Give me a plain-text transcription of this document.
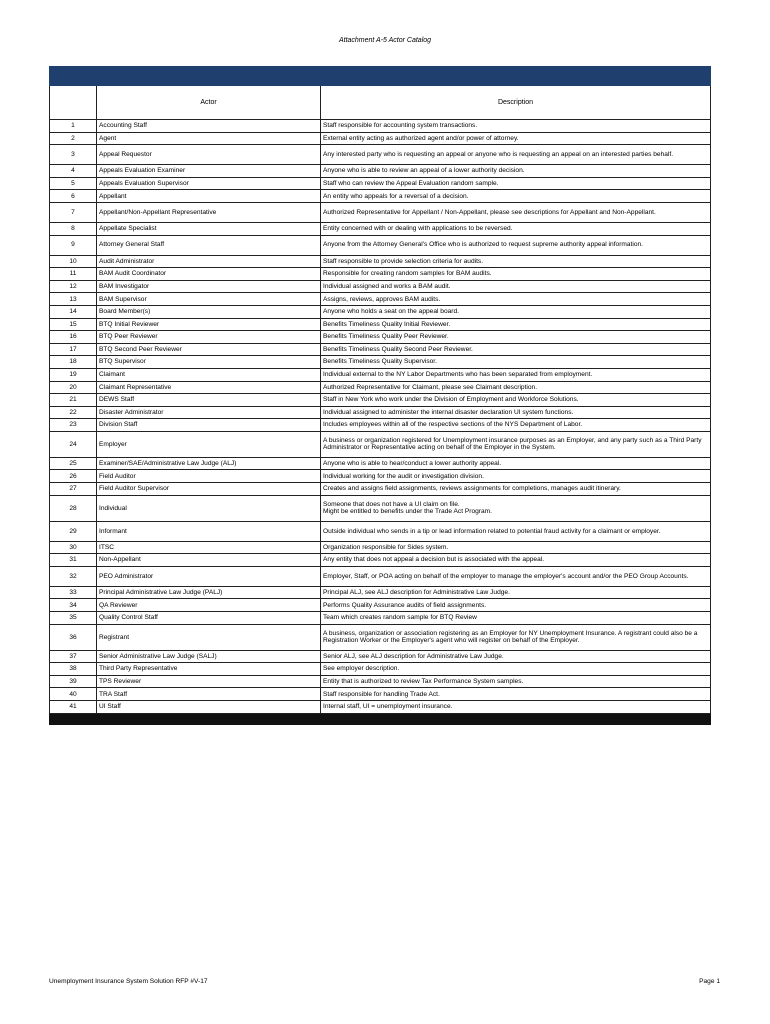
Attachment A-5 Actor Catalog

	Actor	Description
1	Accounting Staff	Staff responsible for accounting system transactions.
2	Agent	External entity acting as authorized agent and/or power of attorney.
3	Appeal Requestor	Any interested party who is requesting an appeal or anyone who is requesting an appeal on an interested parties behalf.
4	Appeals Evaluation Examiner	Anyone who is able to review an appeal of a lower authority decision.
5	Appeals Evaluation Supervisor	Staff who can review the Appeal Evaluation random sample.
6	Appellant	An entity who appeals for a reversal of a decision.
7	Appellant/Non-Appellant Representative	Authorized Representative for Appellant / Non-Appellant, please see descriptions for Appellant and Non-Appellant.
8	Appellate Specialist	Entity concerned with or dealing with applications to be reversed.
9	Attorney General Staff	Anyone from the Attorney General's Office who is authorized to request supreme authority appeal information.
10	Audit Administrator	Staff responsible to provide selection criteria for audits.
11	BAM Audit Coordinator	Responsible for creating random samples for BAM audits.
12	BAM Investigator	Individual assigned and works a BAM audit.
13	BAM Supervisor	Assigns, reviews, approves BAM audits.
14	Board Member(s)	Anyone who holds a seat on the appeal board.
15	BTQ Initial Reviewer	Benefits Timeliness Quality Initial Reviewer.
16	BTQ Peer Reviewer	Benefits Timeliness Quality Peer Reviewer.
17	BTQ Second Peer Reviewer	Benefits Timeliness Quality Second Peer Reviewer.
18	BTQ Supervisor	Benefits Timeliness Quality Supervisor.
19	Claimant	Individual external to the NY Labor Departments who has been separated from employment.
20	Claimant Representative	Authorized Representative for Claimant, please see Claimant description.
21	DEWS Staff	Staff in New York who work under the Division of Employment and Workforce Solutions.
22	Disaster Administrator	Individual assigned to administer the internal disaster declaration UI system functions.
23	Division Staff	Includes employees within all of the respective sections of the NYS Department of Labor.
24	Employer	A business or organization registered for Unemployment insurance purposes as an Employer, and any party such as a Third Party Administrator or Representative acting on behalf of the Employer in the System.
25	Examiner/SAE/Administrative Law Judge (ALJ)	Anyone who is able to hear/conduct a lower authority appeal.
26	Field Auditor	Individual working for the audit or investigation division.
27	Field Auditor Supervisor	Creates and assigns field assignments, reviews assignments for completions, manages audit itinerary.
28	Individual	Someone that does not have a UI claim on file.
Might be entitled to benefits under the Trade Act Program.
29	Informant	Outside individual who sends in a tip or lead information related to potential fraud activity for a claimant or employer.
30	ITSC	Organization responsible for Sides system.
31	Non-Appellant	Any entity that does not appeal a decision but is associated with the appeal.
32	PEO Administrator	Employer, Staff, or POA acting on behalf of the employer to manage the employer's account and/or the PEO Group Accounts.
33	Principal Administrative Law Judge (PALJ)	Principal ALJ, see ALJ description for Administrative Law Judge.
34	QA Reviewer	Performs Quality Assurance audits of field assignments.
35	Quality Control Staff	Team which creates random sample for BTQ Review
36	Registrant	A business, organization or association registering as an Employer for NY Unemployment Insurance. A registrant could also be a Registration Worker or the Employer's agent who will register on behalf of the Employer.
37	Senior Administrative Law Judge (SALJ)	Senior ALJ, see ALJ description for Administrative Law Judge.
38	Third Party Representative	See employer description.
39	TPS Reviewer	Entity that is authorized to review Tax Performance System samples.
40	TRA Staff	Staff responsible for handling Trade Act.
41	UI Staff	Internal staff, UI = unemployment insurance.

Unemployment Insurance System Solution RFP #V-17	Page 1
